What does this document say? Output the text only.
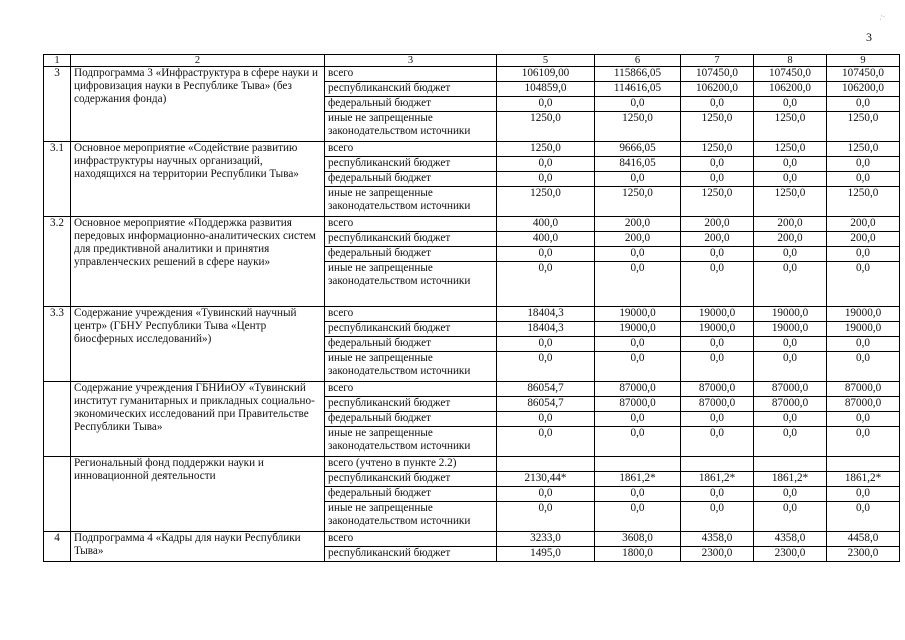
ːˑ
3
1	2	3	5	6	7	8	9
3	Подпрограмма 3 «Инфраструктура в сфере науки и цифровизация науки в Республике Тыва» (без содержания фонда)	всего	106109,00	115866,05	107450,0	107450,0	107450,0
		республиканский бюджет	104859,0	114616,05	106200,0	106200,0	106200,0
		федеральный бюджет	0,0	0,0	0,0	0,0	0,0
		иные не запрещенные законодательством источники	1250,0	1250,0	1250,0	1250,0	1250,0
3.1	Основное мероприятие «Содействие развитию инфраструктуры научных организаций, находящихся на территории Республики Тыва»	всего	1250,0	9666,05	1250,0	1250,0	1250,0
		республиканский бюджет	0,0	8416,05	0,0	0,0	0,0
		федеральный бюджет	0,0	0,0	0,0	0,0	0,0
		иные не запрещенные законодательством источники	1250,0	1250,0	1250,0	1250,0	1250,0
3.2	Основное мероприятие «Поддержка развития передовых информационно-аналитических систем для предиктивной аналитики и принятия управленческих решений в сфере науки»	всего	400,0	200,0	200,0	200,0	200,0
		республиканский бюджет	400,0	200,0	200,0	200,0	200,0
		федеральный бюджет	0,0	0,0	0,0	0,0	0,0
		иные не запрещенные законодательством источники	0,0	0,0	0,0	0,0	0,0
3.3	Содержание учреждения «Тувинский научный центр» (ГБНУ Республики Тыва «Центр биосферных исследований»)	всего	18404,3	19000,0	19000,0	19000,0	19000,0
		республиканский бюджет	18404,3	19000,0	19000,0	19000,0	19000,0
		федеральный бюджет	0,0	0,0	0,0	0,0	0,0
		иные не запрещенные законодательством источники	0,0	0,0	0,0	0,0	0,0
	Содержание учреждения ГБНИиОУ «Тувинский институт гуманитарных и прикладных социально-экономических исследований при Правительстве Республики Тыва»	всего	86054,7	87000,0	87000,0	87000,0	87000,0
		республиканский бюджет	86054,7	87000,0	87000,0	87000,0	87000,0
		федеральный бюджет	0,0	0,0	0,0	0,0	0,0
		иные не запрещенные законодательством источники	0,0	0,0	0,0	0,0	0,0
	Региональный фонд поддержки науки и инновационной деятельности	всего (учтено в пункте 2.2)					
		республиканский бюджет	2130,44*	1861,2*	1861,2*	1861,2*	1861,2*
		федеральный бюджет	0,0	0,0	0,0	0,0	0,0
		иные не запрещенные законодательством источники	0,0	0,0	0,0	0,0	0,0
4	Подпрограмма 4 «Кадры для науки Республики Тыва»	всего	3233,0	3608,0	4358,0	4358,0	4458,0
		республиканский бюджет	1495,0	1800,0	2300,0	2300,0	2300,0
